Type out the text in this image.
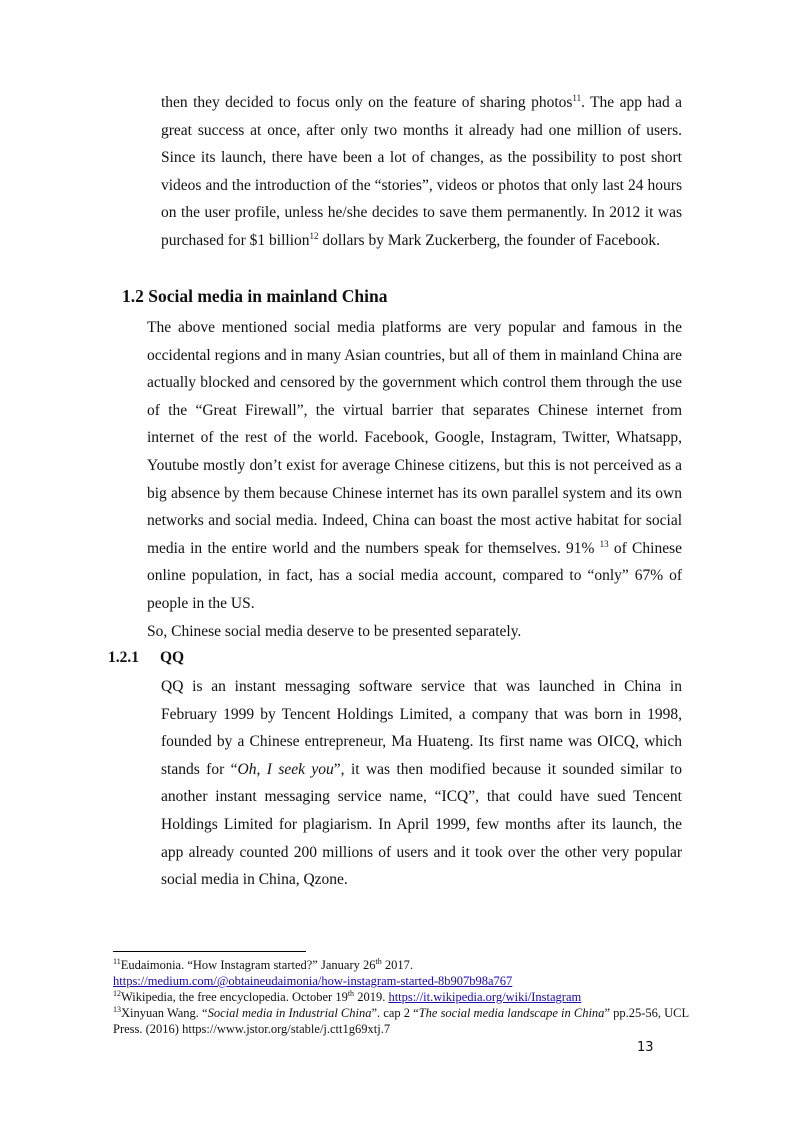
then they decided to focus only on the feature of sharing photos$^{11}$. The app had a great success at once, after only two months it already had one million of users. Since its launch, there have been a lot of changes, as the possibility to post short videos and the introduction of the “stories”, videos or photos that only last 24 hours on the user profile, unless he/she decides to save them permanently. In 2012 it was purchased for $1 billion$^{12}$ dollars by Mark Zuckerberg, the founder of Facebook.

1.2 Social media in mainland China

The above mentioned social media platforms are very popular and famous in the occidental regions and in many Asian countries, but all of them in mainland China are actually blocked and censored by the government which control them through the use of the “Great Firewall”, the virtual barrier that separates Chinese internet from internet of the rest of the world. Facebook, Google, Instagram, Twitter, Whatsapp, Youtube mostly don’t exist for average Chinese citizens, but this is not perceived as a big absence by them because Chinese internet has its own parallel system and its own networks and social media. Indeed, China can boast the most active habitat for social media in the entire world and the numbers speak for themselves. 91% $^{13}$ of Chinese online population, in fact, has a social media account, compared to “only” 67% of people in the US.

So, Chinese social media deserve to be presented separately.

1.2.1 QQ

QQ is an instant messaging software service that was launched in China in February 1999 by Tencent Holdings Limited, a company that was born in 1998, founded by a Chinese entrepreneur, Ma Huateng. Its first name was OICQ, which stands for “Oh, I seek you”, it was then modified because it sounded similar to another instant messaging service name, “ICQ”, that could have sued Tencent Holdings Limited for plagiarism. In April 1999, few months after its launch, the app already counted 200 millions of users and it took over the other very popular social media in China, Qzone.

$^{11}$Eudaimonia. “How Instagram started?” January 26th 2017.
https://medium.com/@obtaineudaimonia/how-instagram-started-8b907b98a767
$^{12}$Wikipedia, the free encyclopedia. October 19th 2019. https://it.wikipedia.org/wiki/Instagram
$^{13}$Xinyuan Wang. “Social media in Industrial China”. cap 2 “The social media landscape in China” pp.25-56, UCL Press. (2016) https://www.jstor.org/stable/j.ctt1g69xtj.7
13
